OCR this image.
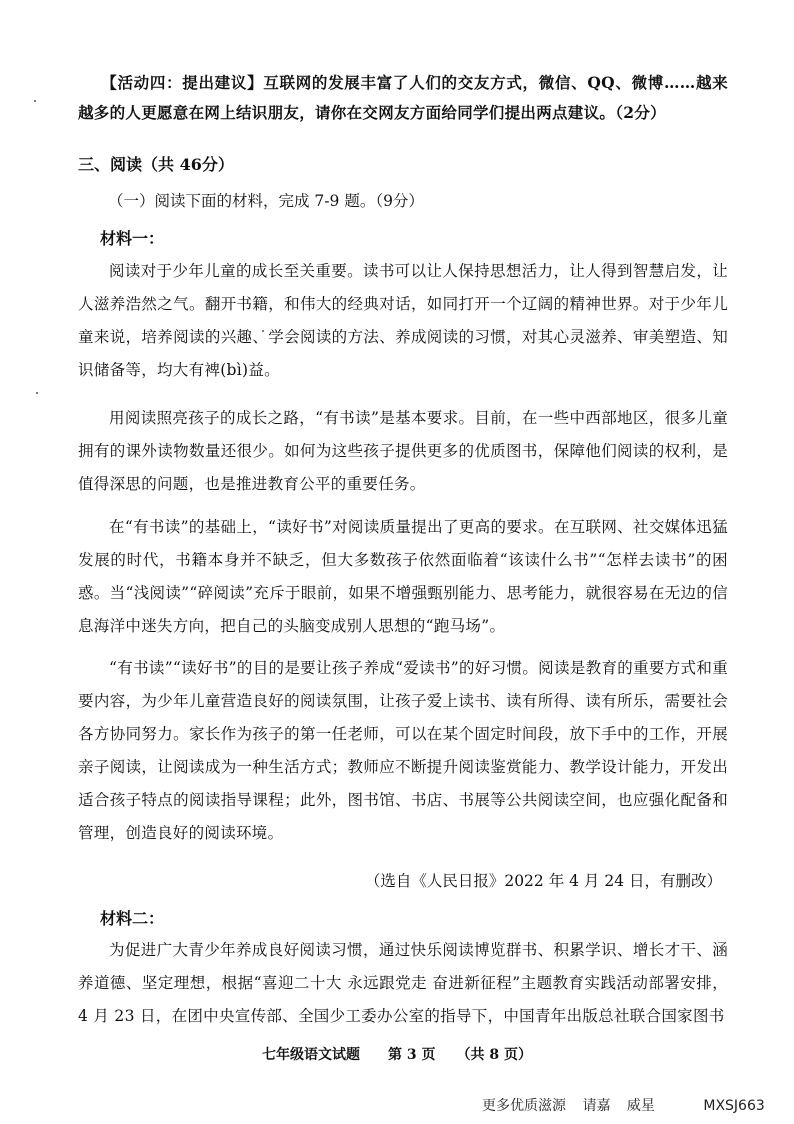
【活动四：提出建议】互联网的发展丰富了人们的交友方式，微信、QQ、微博……越来越多的人更愿意在网上结识朋友，请你在交网友方面给同学们提出两点建议。（2分）
三、阅读（共 46分）
（一）阅读下面的材料，完成 7-9 题。（9分）
材料一：
阅读对于少年儿童的成长至关重要。读书可以让人保持思想活力，让人得到智慧启发，让人滋养浩然之气。翻开书籍，和伟大的经典对话，如同打开一个辽阔的精神世界。对于少年儿童来说，培养阅读的兴趣、学会阅读的方法、养成阅读的习惯，对其心灵滋养、审美塑造、知识储备等，均大有裨(bì)益。
用阅读照亮孩子的成长之路，“有书读”是基本要求。目前，在一些中西部地区，很多儿童拥有的课外读物数量还很少。如何为这些孩子提供更多的优质图书，保障他们阅读的权利，是值得深思的问题，也是推进教育公平的重要任务。
在“有书读”的基础上，“读好书”对阅读质量提出了更高的要求。在互联网、社交媒体迅猛发展的时代，书籍本身并不缺乏，但大多数孩子依然面临着“该读什么书”“怎样去读书”的困惑。当“浅阅读”“碎阅读”充斥于眼前，如果不增强甄别能力、思考能力，就很容易在无边的信息海洋中迷失方向，把自己的头脑变成别人思想的“跑马场”。
“有书读”“读好书”的目的是要让孩子养成“爱读书”的好习惯。阅读是教育的重要方式和重要内容，为少年儿童营造良好的阅读氛围，让孩子爱上读书、读有所得、读有所乐，需要社会各方协同努力。家长作为孩子的第一任老师，可以在某个固定时间段，放下手中的工作，开展亲子阅读，让阅读成为一种生活方式；教师应不断提升阅读鉴赏能力、教学设计能力，开发出适合孩子特点的阅读指导课程；此外，图书馆、书店、书展等公共阅读空间，也应强化配备和管理，创造良好的阅读环境。
（选自《人民日报》2022 年 4 月 24 日，有删改）
材料二：
为促进广大青少年养成良好阅读习惯，通过快乐阅读博览群书、积累学识、增长才干、涵养道德、坚定理想，根据“喜迎二十大 永远跟党走 奋进新征程”主题教育实践活动部署安排，4 月 23 日，在团中央宣传部、全国少工委办公室的指导下，中国青年出版总社联合国家图书
七年级语文试题　　第 3 页　　（共 8 页）
更多优质滋源 请嘉 威星	MXSJ663
